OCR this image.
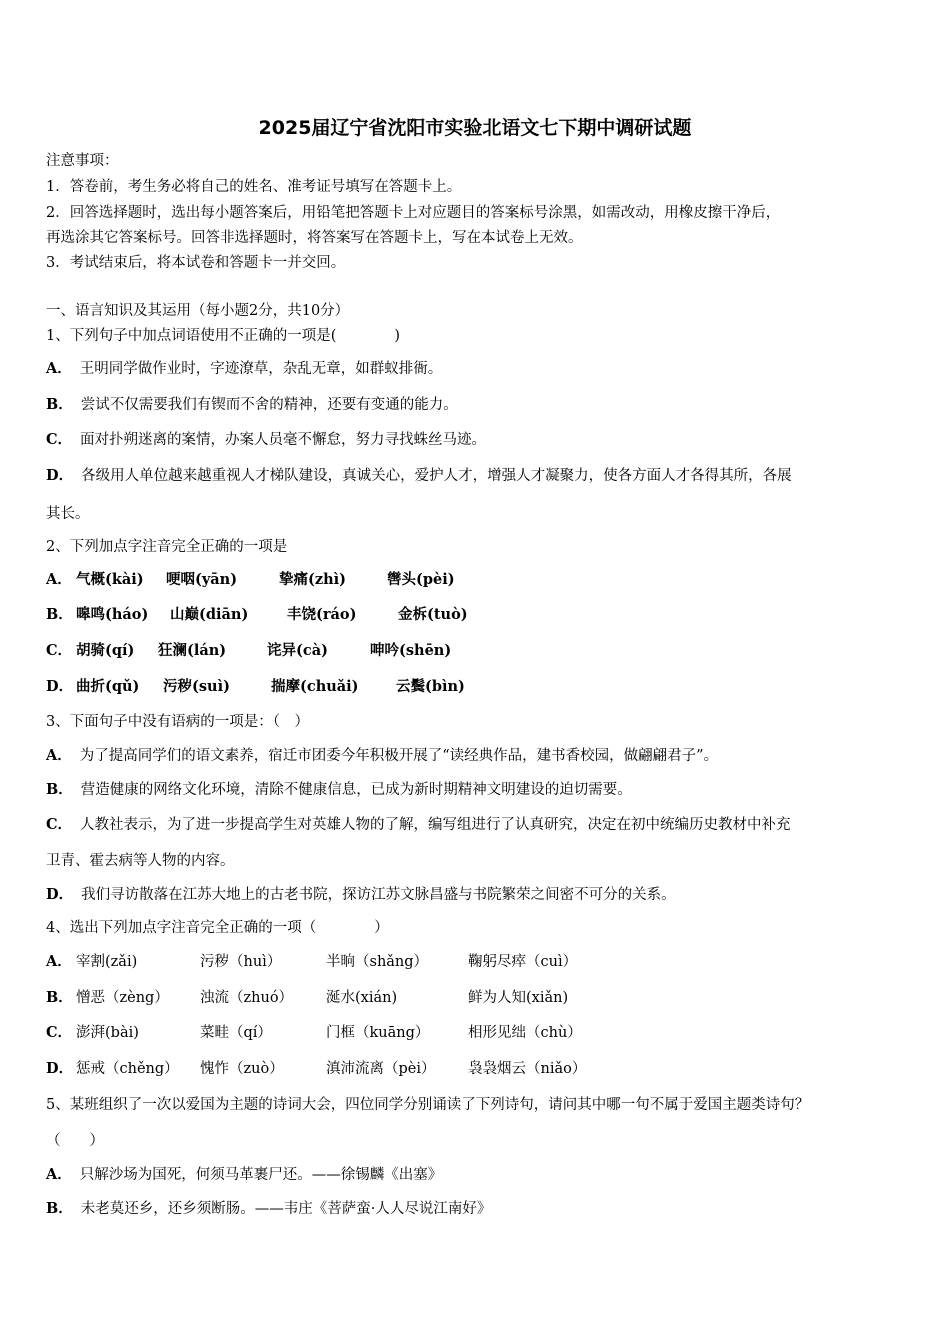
2025届辽宁省沈阳市实验北语文七下期中调研试题
注意事项：
1．答卷前，考生务必将自己的姓名、准考证号填写在答题卡上。
2．回答选择题时，选出每小题答案后，用铅笔把答题卡上对应题目的答案标号涂黑，如需改动，用橡皮擦干净后，
再选涂其它答案标号。回答非选择题时，将答案写在答题卡上，写在本试卷上无效。
3．考试结束后，将本试卷和答题卡一并交回。
一、语言知识及其运用（每小题2分，共10分）
1、下列句子中加点词语使用不正确的一项是(　　　　)
A． 王明同学做作业时，字迹潦草，杂乱无章，如群蚁排衙。
B． 尝试不仅需要我们有锲而不舍的精神，还要有变通的能力。
C． 面对扑朔迷离的案情，办案人员毫不懈怠，努力寻找蛛丝马迹。
D． 各级用人单位越来越重视人才梯队建设，真诚关心，爱护人才，增强人才凝聚力，使各方面人才各得其所，各展
其长。
2、下列加点字注音完全正确的一项是
A． 气概(kài) 哽咽(yān)	挚痛(zhì)	辔头(pèi)
B． 嗥鸣(háo) 山巅(diān)	丰饶(ráo)	金柝(tuò)
C． 胡骑(qí) 狂澜(lán)	诧异(cà)	呻吟(shēn)
D． 曲折(qǔ) 污秽(suì)	揣摩(chuǎi)	云鬓(bìn)
3、下面句子中没有语病的一项是：（　）
A． 为了提高同学们的语文素养，宿迁市团委今年积极开展了“读经典作品，建书香校园，做翩翩君子”。
B． 营造健康的网络文化环境，清除不健康信息，已成为新时期精神文明建设的迫切需要。
C． 人教社表示，为了进一步提高学生对英雄人物的了解，编写组进行了认真研究，决定在初中统编历史教材中补充
卫青、霍去病等人物的内容。
D． 我们寻访散落在江苏大地上的古老书院，探访江苏文脉昌盛与书院繁荣之间密不可分的关系。
4、选出下列加点字注音完全正确的一项（　　　　）
A． 宰割(zǎi)	污秽（huì）	半晌（shǎng）	鞠躬尽瘁（cuì）
B． 憎恶（zèng） 浊流（zhuó） 涎水(xián)	鲜为人知(xiǎn)
C． 澎湃(bài)	菜畦（qí）	门框（kuāng）	相形见绌（chù）
D． 惩戒（chěng） 愧怍（zuò）	滇沛流离（pèi） 袅袅烟云（niǎo）
5、某班组织了一次以爱国为主题的诗词大会，四位同学分别诵读了下列诗句，请问其中哪一句不属于爱国主题类诗句？
（　　）
A． 只解沙场为国死，何须马革裹尸还。——徐锡麟《出塞》
B． 未老莫还乡，还乡须断肠。——韦庄《菩萨蛮·人人尽说江南好》
